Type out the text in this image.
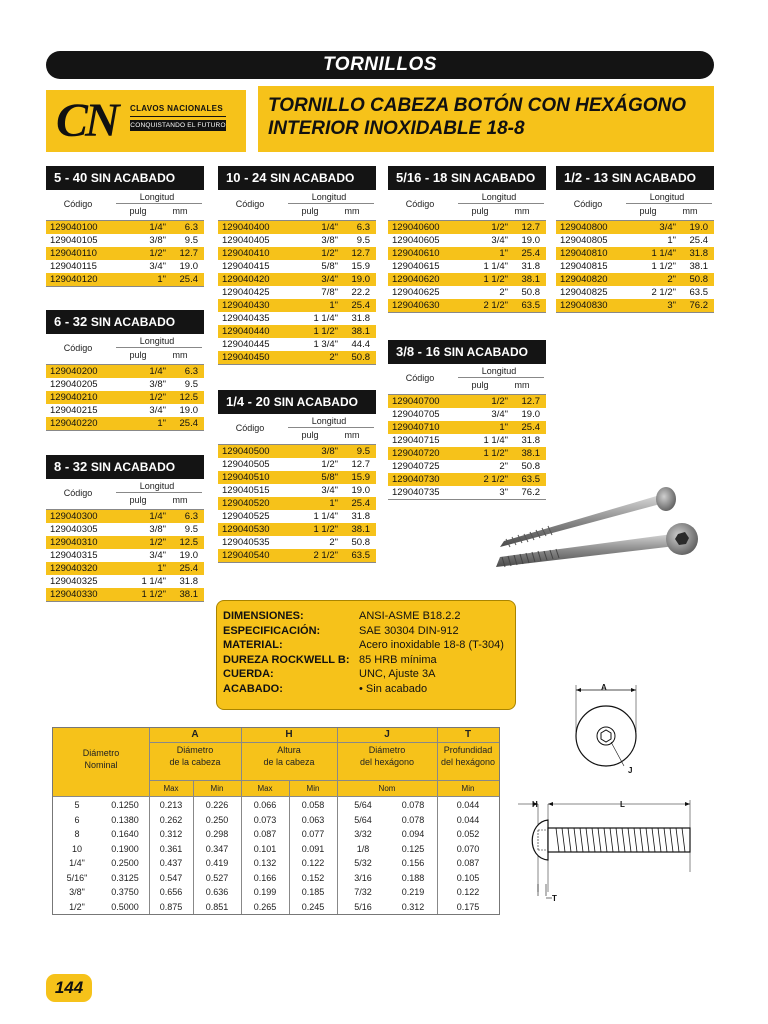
TORNILLOS
CN CLAVOS NACIONALES
CONQUISTANDO EL FUTURO
TORNILLO CABEZA BOTÓN CON HEXÁGONO
INTERIOR INOXIDABLE 18-8
5 - 40 SIN ACABADO
Código
Longitud
pulg	mm
129040100	1/4"	6.3
129040105	3/8"	9.5
129040110	1/2"	12.7
129040115	3/4"	19.0
129040120	1"	25.4
6 - 32 SIN ACABADO
Código
Longitud
pulg	mm
129040200	1/4"	6.3
129040205	3/8"	9.5
129040210	1/2"	12.5
129040215	3/4"	19.0
129040220	1"	25.4
8 - 32 SIN ACABADO
Código
Longitud
pulg	mm
129040300	1/4"	6.3
129040305	3/8"	9.5
129040310	1/2"	12.5
129040315	3/4"	19.0
129040320	1"	25.4
129040325	1 1/4"	31.8
129040330	1 1/2"	38.1
10 - 24 SIN ACABADO
Código
Longitud
pulg	mm
129040400	1/4"	6.3
129040405	3/8"	9.5
129040410	1/2"	12.7
129040415	5/8"	15.9
129040420	3/4"	19.0
129040425	7/8"	22.2
129040430	1"	25.4
129040435	1 1/4"	31.8
129040440	1 1/2"	38.1
129040445	1 3/4"	44.4
129040450	2"	50.8
1/4 - 20 SIN ACABADO
Código
Longitud
pulg	mm
129040500	3/8"	9.5
129040505	1/2"	12.7
129040510	5/8"	15.9
129040515	3/4"	19.0
129040520	1"	25.4
129040525	1 1/4"	31.8
129040530	1 1/2"	38.1
129040535	2"	50.8
129040540	2 1/2"	63.5
5/16 - 18 SIN ACABADO
Código
Longitud
pulg	mm
129040600	1/2"	12.7
129040605	3/4"	19.0
129040610	1"	25.4
129040615	1 1/4"	31.8
129040620	1 1/2"	38.1
129040625	2"	50.8
129040630	2 1/2"	63.5
3/8 - 16 SIN ACABADO
Código
Longitud
pulg	mm
129040700	1/2"	12.7
129040705	3/4"	19.0
129040710	1"	25.4
129040715	1 1/4"	31.8
129040720	1 1/2"	38.1
129040725	2"	50.8
129040730	2 1/2"	63.5
129040735	3"	76.2
1/2 - 13 SIN ACABADO
Código
Longitud
pulg	mm
129040800	3/4"	19.0
129040805	1"	25.4
129040810	1 1/4"	31.8
129040815	1 1/2"	38.1
129040820	2"	50.8
129040825	2 1/2"	63.5
129040830	3"	76.2
DIMENSIONES:	ANSI-ASME B18.2.2
ESPECIFICACIÓN:	SAE 30304 DIN-912
MATERIAL:	Acero inoxidable 18-8 (T-304)
DUREZA ROCKWELL B: 85 HRB mínima
CUERDA:	UNC, Ajuste 3A
ACABADO:	• Sin acabado	A
J
H	L
T
A	H	J	T
Diámetro
Nominal
Diámetro
de la cabeza
Altura
de la cabeza
Diámetro
del hexágono
Profundidad
del hexágono
Max	Min	Max	Min	Nom	Min
5	0.1250	0.213	0.226	0.066	0.058	5/64	0.078	0.044
6	0.1380	0.262	0.250	0.073	0.063	5/64	0.078	0.044
8	0.1640	0.312	0.298	0.087	0.077	3/32	0.094	0.052
10	0.1900	0.361	0.347	0.101	0.091	1/8	0.125	0.070
1/4"	0.2500	0.437	0.419	0.132	0.122	5/32	0.156	0.087
5/16"	0.3125	0.547	0.527	0.166	0.152	3/16	0.188	0.105
3/8"	0.3750	0.656	0.636	0.199	0.185	7/32	0.219	0.122
1/2"	0.5000	0.875	0.851	0.265	0.245	5/16	0.312	0.175
144
